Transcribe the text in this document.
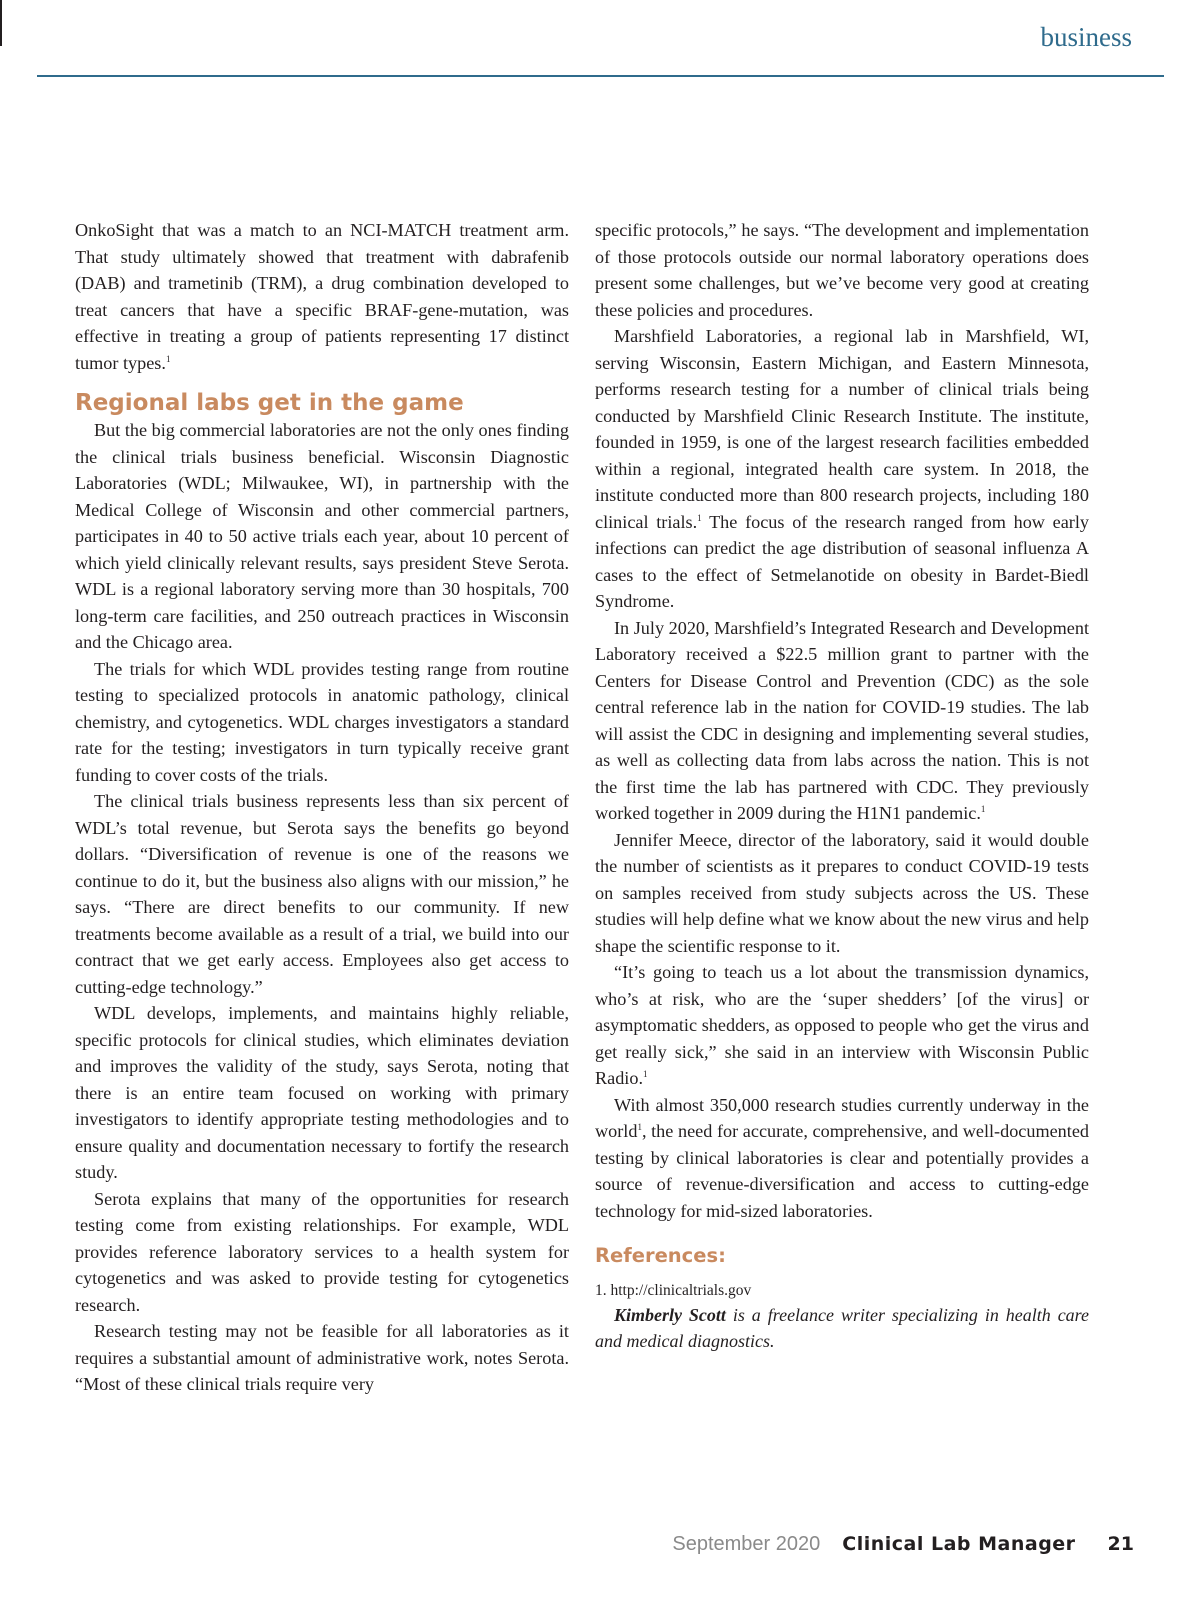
business

OnkoSight that was a match to an NCI-MATCH treatment arm. That study ultimately showed that treatment with dabrafenib (DAB) and trametinib (TRM), a drug combination developed to treat cancers that have a specific BRAF-gene-mutation, was effective in treating a group of patients representing 17 distinct tumor types.$^1$

Regional labs get in the game

But the big commercial laboratories are not the only ones finding the clinical trials business beneficial. Wisconsin Diagnostic Laboratories (WDL; Milwaukee, WI), in partnership with the Medical College of Wisconsin and other commercial partners, participates in 40 to 50 active trials each year, about 10 percent of which yield clinically relevant results, says president Steve Serota. WDL is a regional laboratory serving more than 30 hospitals, 700 long-term care facilities, and 250 outreach practices in Wisconsin and the Chicago area.

The trials for which WDL provides testing range from routine testing to specialized protocols in anatomic pathology, clinical chemistry, and cytogenetics. WDL charges investigators a standard rate for the testing; investigators in turn typically receive grant funding to cover costs of the trials.

The clinical trials business represents less than six percent of WDL’s total revenue, but Serota says the benefits go beyond dollars. “Diversification of revenue is one of the reasons we continue to do it, but the business also aligns with our mission,” he says. “There are direct benefits to our community. If new treatments become available as a result of a trial, we build into our contract that we get early access. Employees also get access to cutting-edge technology.”

WDL develops, implements, and maintains highly reliable, specific protocols for clinical studies, which eliminates deviation and improves the validity of the study, says Serota, noting that there is an entire team focused on working with primary investigators to identify appropriate testing methodologies and to ensure quality and documentation necessary to fortify the research study.

Serota explains that many of the opportunities for research testing come from existing relationships. For example, WDL provides reference laboratory services to a health system for cytogenetics and was asked to provide testing for cytogenetics research.

Research testing may not be feasible for all laboratories as it requires a substantial amount of administrative work, notes Serota. “Most of these clinical trials require very

specific protocols,” he says. “The development and implementation of those protocols outside our normal laboratory operations does present some challenges, but we’ve become very good at creating these policies and procedures.

Marshfield Laboratories, a regional lab in Marshfield, WI, serving Wisconsin, Eastern Michigan, and Eastern Minnesota, performs research testing for a number of clinical trials being conducted by Marshfield Clinic Research Institute. The institute, founded in 1959, is one of the largest research facilities embedded within a regional, integrated health care system. In 2018, the institute conducted more than 800 research projects, including 180 clinical trials.$^1$ The focus of the research ranged from how early infections can predict the age distribution of seasonal influenza A cases to the effect of Setmelanotide on obesity in Bardet-Biedl Syndrome.

In July 2020, Marshfield’s Integrated Research and Development Laboratory received a $22.5 million grant to partner with the Centers for Disease Control and Prevention (CDC) as the sole central reference lab in the nation for COVID-19 studies. The lab will assist the CDC in designing and implementing several studies, as well as collecting data from labs across the nation. This is not the first time the lab has partnered with CDC. They previously worked together in 2009 during the H1N1 pandemic.$^1$

Jennifer Meece, director of the laboratory, said it would double the number of scientists as it prepares to conduct COVID-19 tests on samples received from study subjects across the US. These studies will help define what we know about the new virus and help shape the scientific response to it.

“It’s going to teach us a lot about the transmission dynamics, who’s at risk, who are the ‘super shedders’ [of the virus] or asymptomatic shedders, as opposed to people who get the virus and get really sick,” she said in an interview with Wisconsin Public Radio.$^1$

With almost 350,000 research studies currently underway in the world$^1$, the need for accurate, comprehensive, and well-documented testing by clinical laboratories is clear and potentially provides a source of revenue-diversification and access to cutting-edge technology for mid-sized laboratories.

References:
1. http://clinicaltrials.gov

Kimberly Scott is a freelance writer specializing in health care and medical diagnostics.

September 2020 Clinical Lab Manager 21
